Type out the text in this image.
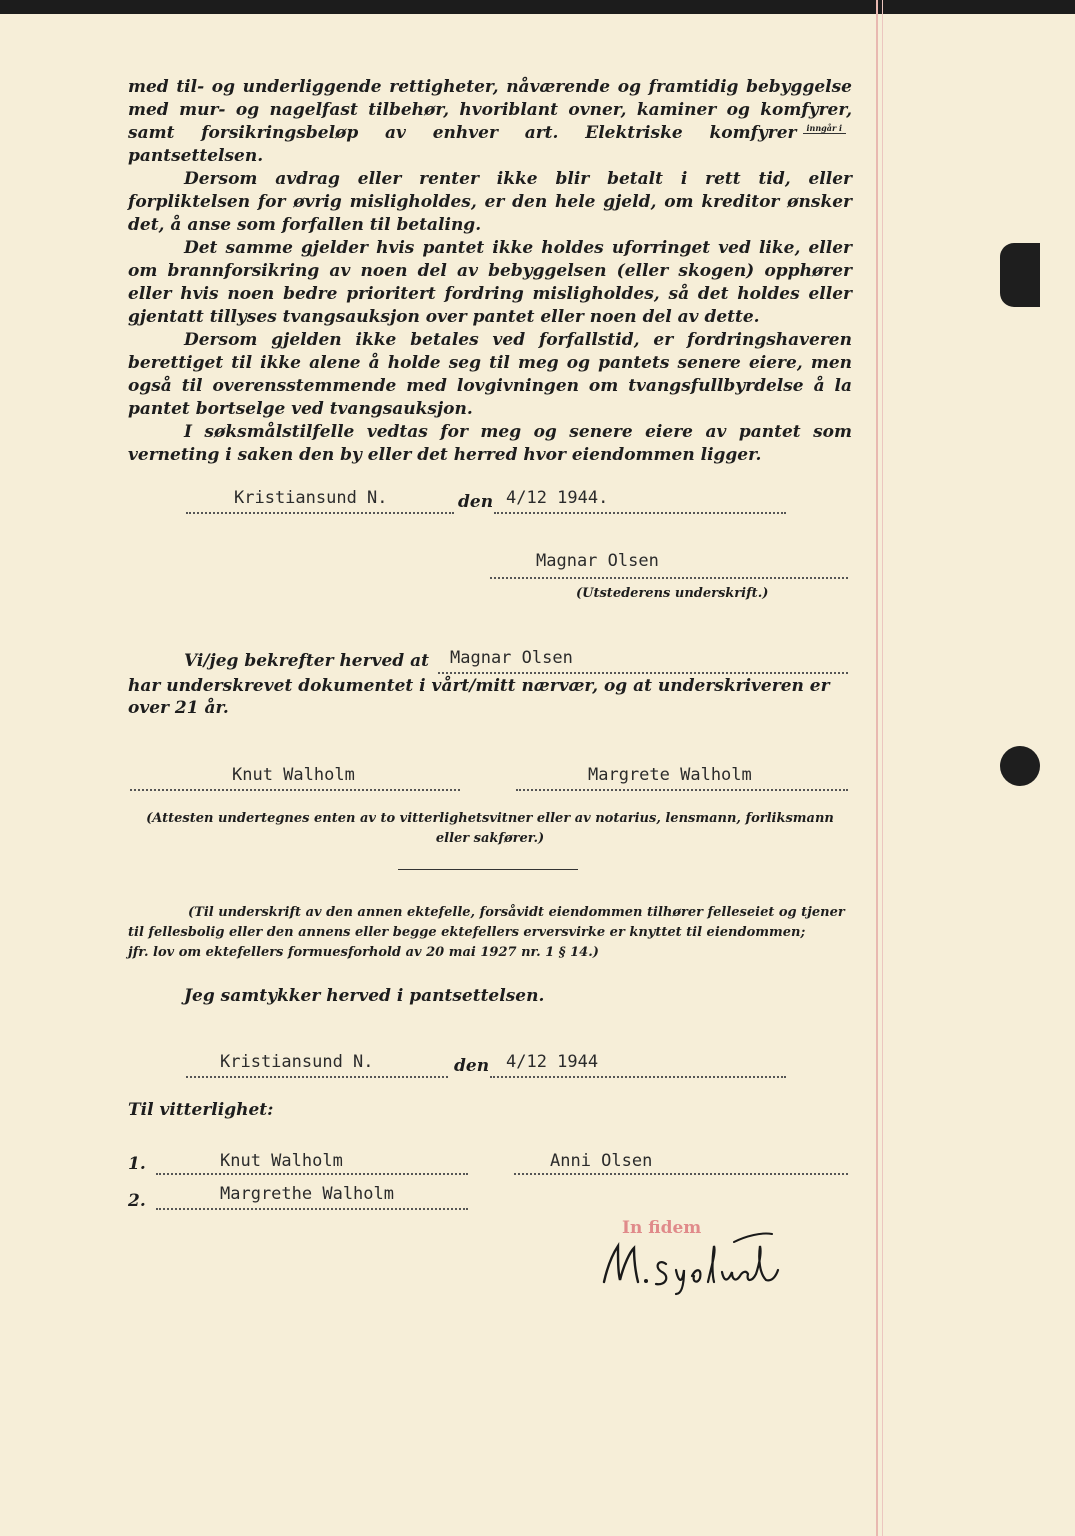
med til- og underliggende rettigheter, nåværende og framtidig bebyggelse med mur- og nagelfast tilbehør, hvoriblant ovner, kaminer og komfyrer, samt forsikringsbeløp av enhver art. Elektriske komfyrer	inngår i

pantsettelsen.

Dersom avdrag eller renter ikke blir betalt i rett tid, eller forpliktelsen for øvrig misligholdes, er den hele gjeld, om kreditor ønsker det, å anse som forfallen til betaling.

Det samme gjelder hvis pantet ikke holdes uforringet ved like, eller om brannforsikring av noen del av bebyggelsen (eller skogen) opphører eller hvis noen bedre prioritert fordring misligholdes, så det holdes eller gjentatt tillyses tvangsauksjon over pantet eller noen del av dette.

Dersom gjelden ikke betales ved forfallstid, er fordringshaveren berettiget til ikke alene å holde seg til meg og pantets senere eiere, men også til overensstemmende med lovgivningen om tvangsfullbyrdelse å la pantet bortselge ved tvangsauksjon.

I søksmålstilfelle vedtas for meg og senere eiere av pantet som verneting i saken den by eller det herred hvor eiendommen ligger.

Kristiansund N.	den 4/12 1944.
Magnar Olsen
(Utstederens underskrift.)
Vi/jeg bekrefter herved at	Magnar Olsen
har underskrevet dokumentet i vårt/mitt nærvær, og at underskriveren er
over 21 år.
Knut Walholm	Margrete Walholm
(Attesten undertegnes enten av to vitterlighetsvitner eller av notarius, lensmann, forliksmann
eller sakfører.)
(Til underskrift av den annen ektefelle, forsåvidt eiendommen tilhører felleseiet og tjener
til fellesbolig eller den annens eller begge ektefellers erversvirke er knyttet til eiendommen;
jfr. lov om ektefellers formuesforhold av 20 mai 1927 nr. 1 § 14.)
Jeg samtykker herved i pantsettelsen.
Kristiansund N.	den 4/12 1944
Til vitterlighet:
1.	Knut Walholm	Anni Olsen
2.	Margrethe Walholm
In fidem
